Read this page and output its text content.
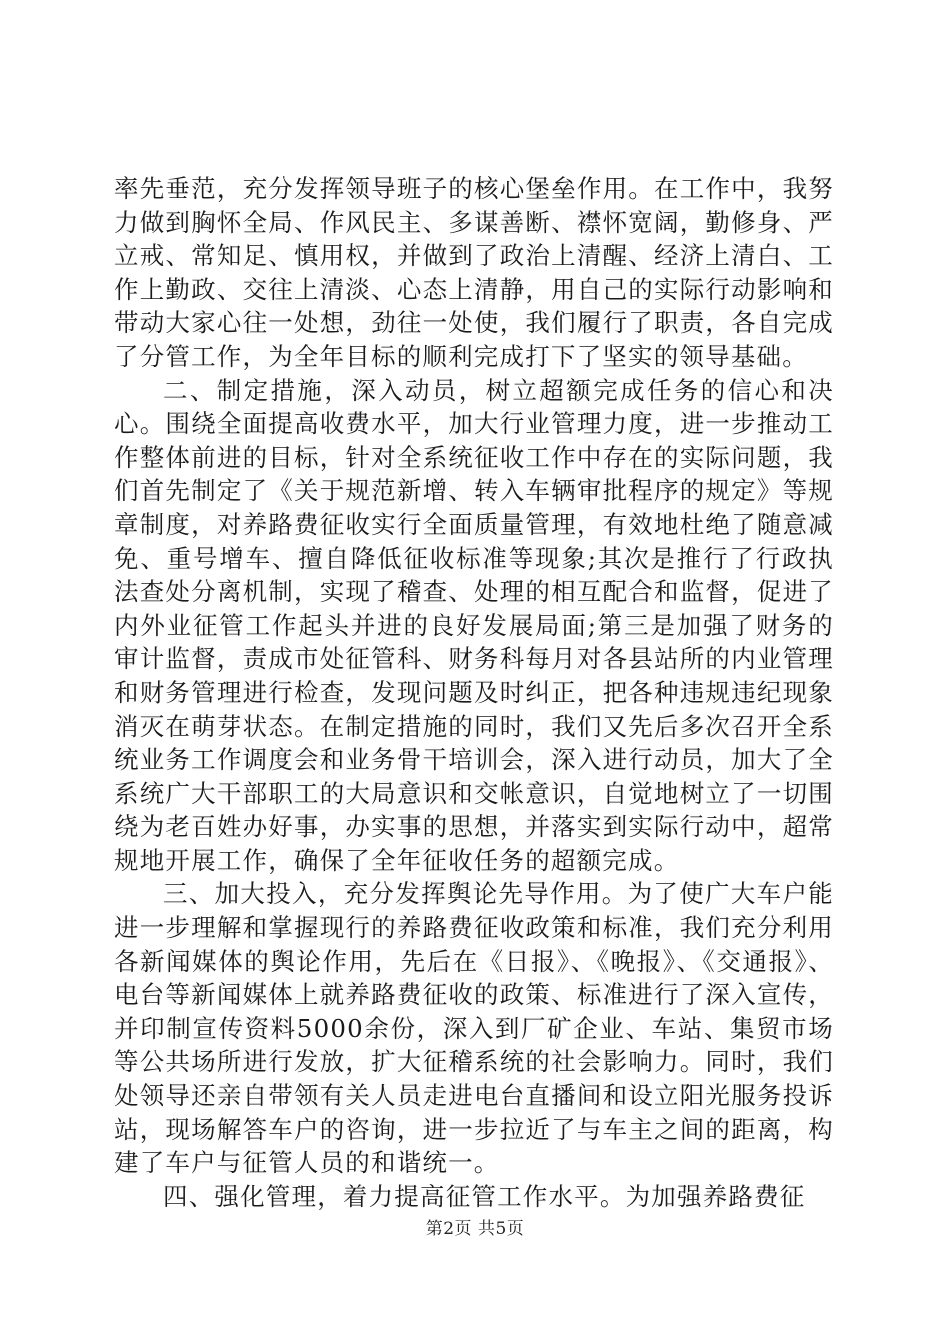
率先垂范，充分发挥领导班子的核心堡垒作用。在工作中，我努力做到胸怀全局、作风民主、多谋善断、襟怀宽阔，勤修身、严立戒、常知足、慎用权，并做到了政治上清醒、经济上清白、工作上勤政、交往上清淡、心态上清静，用自己的实际行动影响和带动大家心往一处想，劲往一处使，我们履行了职责，各自完成了分管工作，为全年目标的顺利完成打下了坚实的领导基础。

二、制定措施，深入动员，树立超额完成任务的信心和决心。围绕全面提高收费水平，加大行业管理力度，进一步推动工作整体前进的目标，针对全系统征收工作中存在的实际问题，我们首先制定了《关于规范新增、转入车辆审批程序的规定》等规章制度，对养路费征收实行全面质量管理，有效地杜绝了随意减免、重号增车、擅自降低征收标准等现象;其次是推行了行政执法查处分离机制，实现了稽查、处理的相互配合和监督，促进了内外业征管工作起头并进的良好发展局面;第三是加强了财务的审计监督，责成市处征管科、财务科每月对各县站所的内业管理和财务管理进行检查，发现问题及时纠正，把各种违规违纪现象消灭在萌芽状态。在制定措施的同时，我们又先后多次召开全系统业务工作调度会和业务骨干培训会，深入进行动员，加大了全系统广大干部职工的大局意识和交帐意识，自觉地树立了一切围绕为老百姓办好事，办实事的思想，并落实到实际行动中，超常规地开展工作，确保了全年征收任务的超额完成。

三、加大投入，充分发挥舆论先导作用。为了使广大车户能进一步理解和掌握现行的养路费征收政策和标准，我们充分利用各新闻媒体的舆论作用，先后在《日报》、《晚报》、《交通报》、电台等新闻媒体上就养路费征收的政策、标准进行了深入宣传，并印制宣传资料5000余份，深入到厂矿企业、车站、集贸市场等公共场所进行发放，扩大征稽系统的社会影响力。同时，我们处领导还亲自带领有关人员走进电台直播间和设立阳光服务投诉站，现场解答车户的咨询，进一步拉近了与车主之间的距离，构建了车户与征管人员的和谐统一。

四、强化管理，着力提高征管工作水平。为加强养路费征

第2页 共5页
